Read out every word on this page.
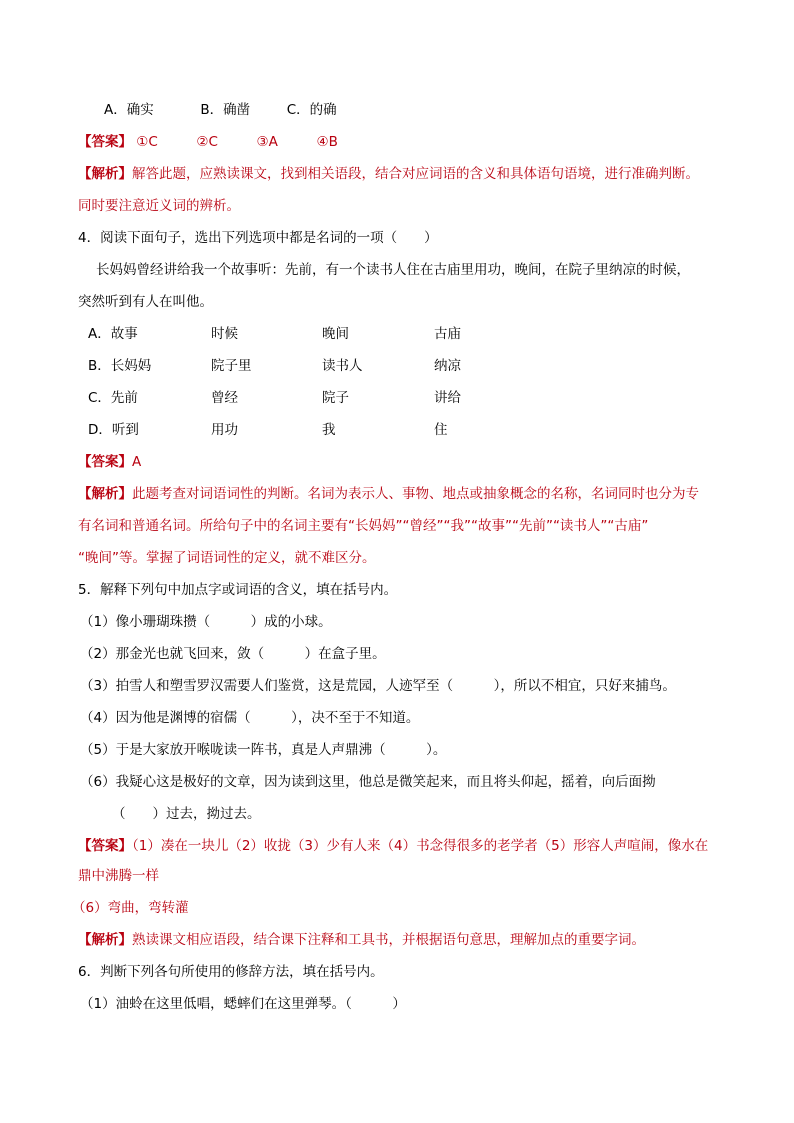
A．确实	B．确凿	C．的确
【答案】 ①C	②C	③A	④B
【解析】解答此题，应熟读课文，找到相关语段，结合对应词语的含义和具体语句语境，进行准确判断。
同时要注意近义词的辨析。
4．阅读下面句子，选出下列选项中都是名词的一项（　　）
长妈妈曾经讲给我一个故事听：先前，有一个读书人住在古庙里用功，晚间，在院子里纳凉的时候，
突然听到有人在叫他。
A．故事	时候	晚间	古庙
B．长妈妈	院子里	读书人	纳凉
C．先前	曾经	院子	讲给
D．听到	用功	我	住
【答案】A
【解析】此题考查对词语词性的判断。名词为表示人、事物、地点或抽象概念的名称，名词同时也分为专
有名词和普通名词。所给句子中的名词主要有“长妈妈”“曾经”“我”“故事”“先前”“读书人”“古庙”
“晚间”等。掌握了词语词性的定义，就不难区分。
5．解释下列句中加点字或词语的含义，填在括号内。
（1）像小珊瑚珠攒（　　　）成的小球。
（2）那金光也就飞回来，敛（　　　）在盒子里。
（3）拍雪人和塑雪罗汉需要人们鉴赏，这是荒园，人迹罕至（　　　），所以不相宜，只好来捕鸟。
（4）因为他是渊博的宿儒（　　　），决不至于不知道。
（5）于是大家放开喉咙读一阵书，真是人声鼎沸（　　　）。
（6）我疑心这是极好的文章，因为读到这里，他总是微笑起来，而且将头仰起，摇着，向后面拗
（　　）过去，拗过去。
【答案】（1）凑在一块儿（2）收拢（3）少有人来（4）书念得很多的老学者（5）形容人声喧闹，像水在
鼎中沸腾一样
（6）弯曲，弯转灌
【解析】熟读课文相应语段，结合课下注释和工具书，并根据语句意思，理解加点的重要字词。
6．判断下列各句所使用的修辞方法，填在括号内。
（1）油蛉在这里低唱，蟋蟀们在这里弹琴。（　　　）
